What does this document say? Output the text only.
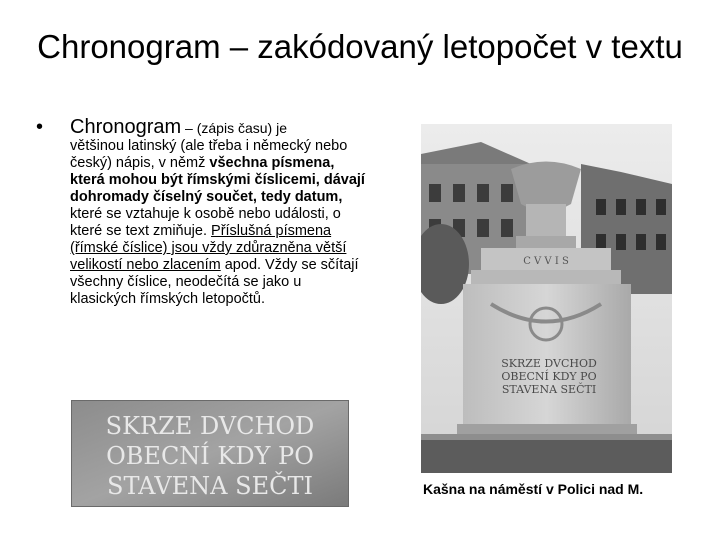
Chronogram – zakódovaný letopočet v textu
• Chronogram – (zápis času) je
většinou latinský (ale třeba i německý nebo český) nápis, v němž všechna písmena, která mohou být římskými číslicemi, dávají dohromady číselný součet, tedy datum, které se vztahuje k osobě nebo události, o které se text zmiňuje. Příslušná písmena (římské číslice) jsou vždy zdůrazněna větší velikostí nebo zlacením apod. Vždy se sčítají všechny číslice, neodečítá se jako u klasických římských letopočtů.
C V V I S
SKRZE DVCHOD
OBECNÍ KDY PO
STAVENA SEČTI
SKRZE DVCHOD
OBECNÍ KDY PO
STAVENA SEČTI	Kašna na náměstí v Polici nad M.
